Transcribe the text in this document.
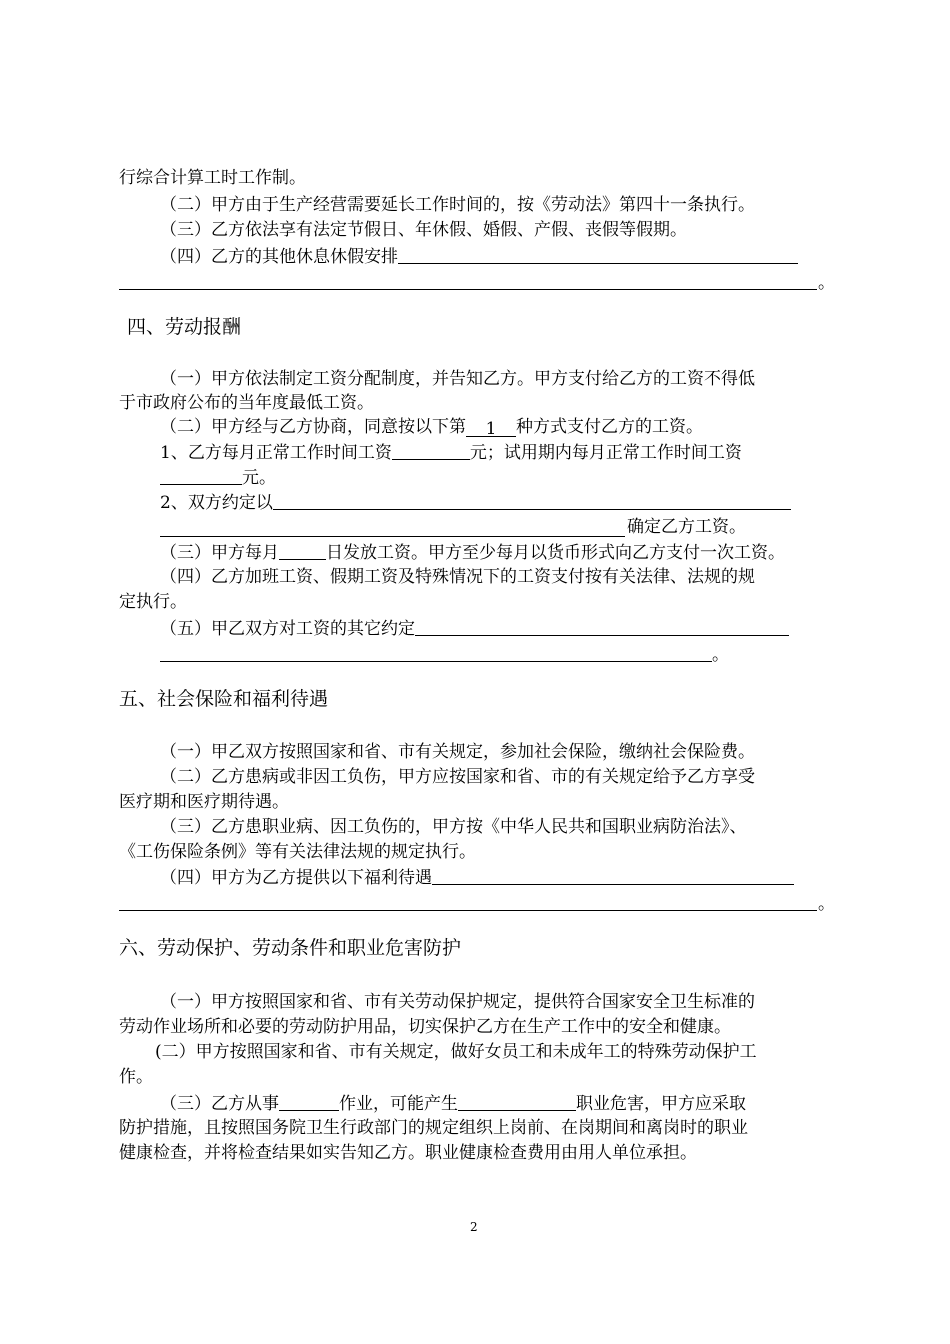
行综合计算工时工作制。
（二）甲方由于生产经营需要延长工作时间的，按《劳动法》第四十一条执行。
（三）乙方依法享有法定节假日、年休假、婚假、产假、丧假等假期。
（四）乙方的其他休息休假安排
。
四、劳动报酬
（一）甲方依法制定工资分配制度，并告知乙方。甲方支付给乙方的工资不得低
于市政府公布的当年度最低工资。
（二）甲方经与乙方协商，同意按以下第 1 种方式支付乙方的工资。
1、乙方每月正常工作时间工资	元；试用期内每月正常工作时间工资
元。
2、双方约定以
确定乙方工资。
（三）甲方每月	日发放工资。甲方至少每月以货币形式向乙方支付一次工资。
（四）乙方加班工资、假期工资及特殊情况下的工资支付按有关法律、法规的规
定执行。
（五）甲乙双方对工资的其它约定
。
五、社会保险和福利待遇
（一）甲乙双方按照国家和省、市有关规定，参加社会保险，缴纳社会保险费。
（二）乙方患病或非因工负伤，甲方应按国家和省、市的有关规定给予乙方享受
医疗期和医疗期待遇。
（三）乙方患职业病、因工负伤的，甲方按《中华人民共和国职业病防治法》、
《工伤保险条例》等有关法律法规的规定执行。
（四）甲方为乙方提供以下福利待遇
。
六、劳动保护、劳动条件和职业危害防护
（一）甲方按照国家和省、市有关劳动保护规定，提供符合国家安全卫生标准的
劳动作业场所和必要的劳动防护用品，切实保护乙方在生产工作中的安全和健康。
(二）甲方按照国家和省、市有关规定，做好女员工和未成年工的特殊劳动保护工
作。
（三）乙方从事	作业，可能产生	职业危害，甲方应采取
防护措施，且按照国务院卫生行政部门的规定组织上岗前、在岗期间和离岗时的职业
健康检查，并将检查结果如实告知乙方。职业健康检查费用由用人单位承担。
2
